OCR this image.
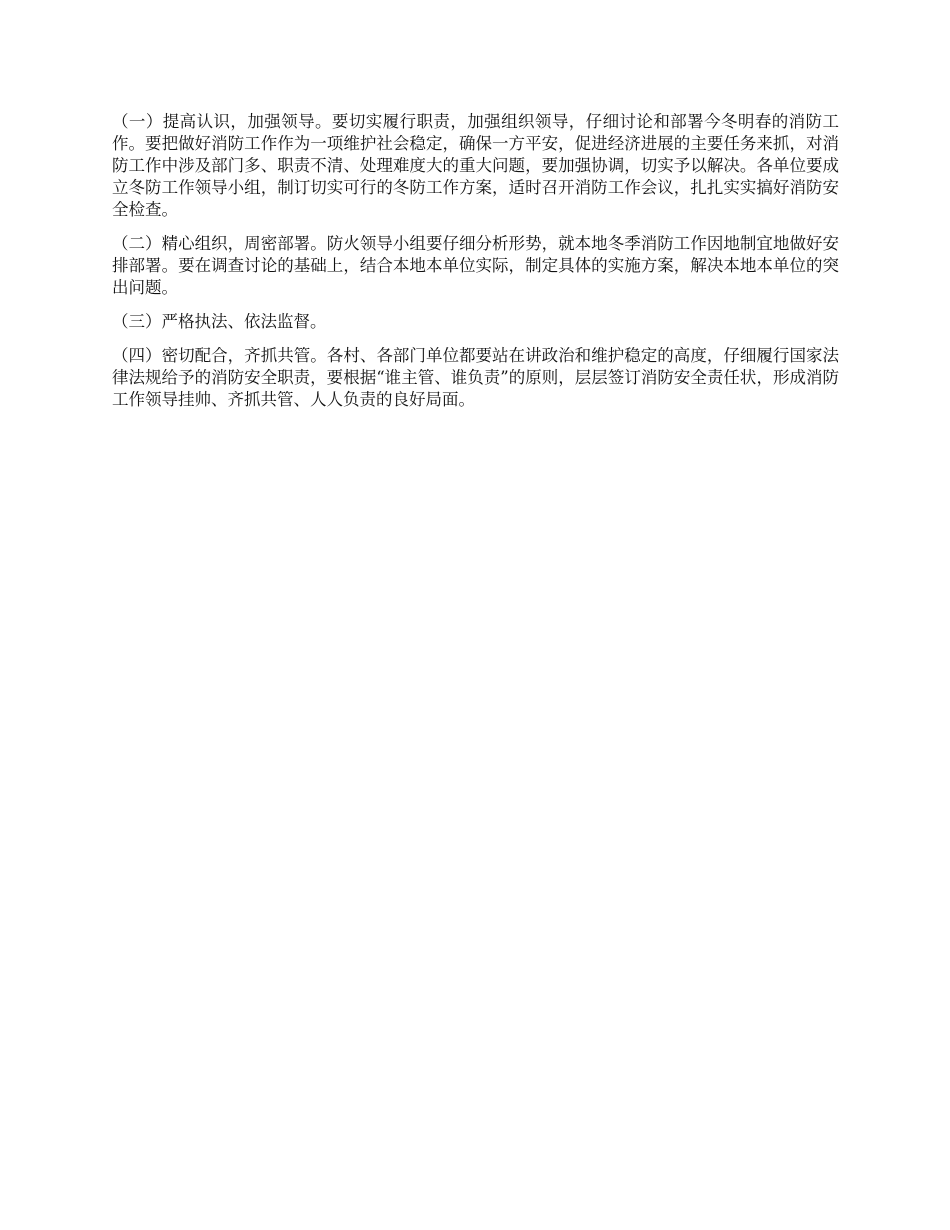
（一）提高认识，加强领导。要切实履行职责，加强组织领导，仔细讨论和部署今冬明春的消防工作。要把做好消防工作作为一项维护社会稳定，确保一方平安，促进经济进展的主要任务来抓，对消防工作中涉及部门多、职责不清、处理难度大的重大问题，要加强协调，切实予以解决。各单位要成立冬防工作领导小组，制订切实可行的冬防工作方案，适时召开消防工作会议，扎扎实实搞好消防安全检查。

（二）精心组织，周密部署。防火领导小组要仔细分析形势，就本地冬季消防工作因地制宜地做好安排部署。要在调查讨论的基础上，结合本地本单位实际，制定具体的实施方案，解决本地本单位的突出问题。

（三）严格执法、依法监督。

（四）密切配合，齐抓共管。各村、各部门单位都要站在讲政治和维护稳定的高度，仔细履行国家法律法规给予的消防安全职责，要根据“谁主管、谁负责”的原则，层层签订消防安全责任状，形成消防工作领导挂帅、齐抓共管、人人负责的良好局面。
